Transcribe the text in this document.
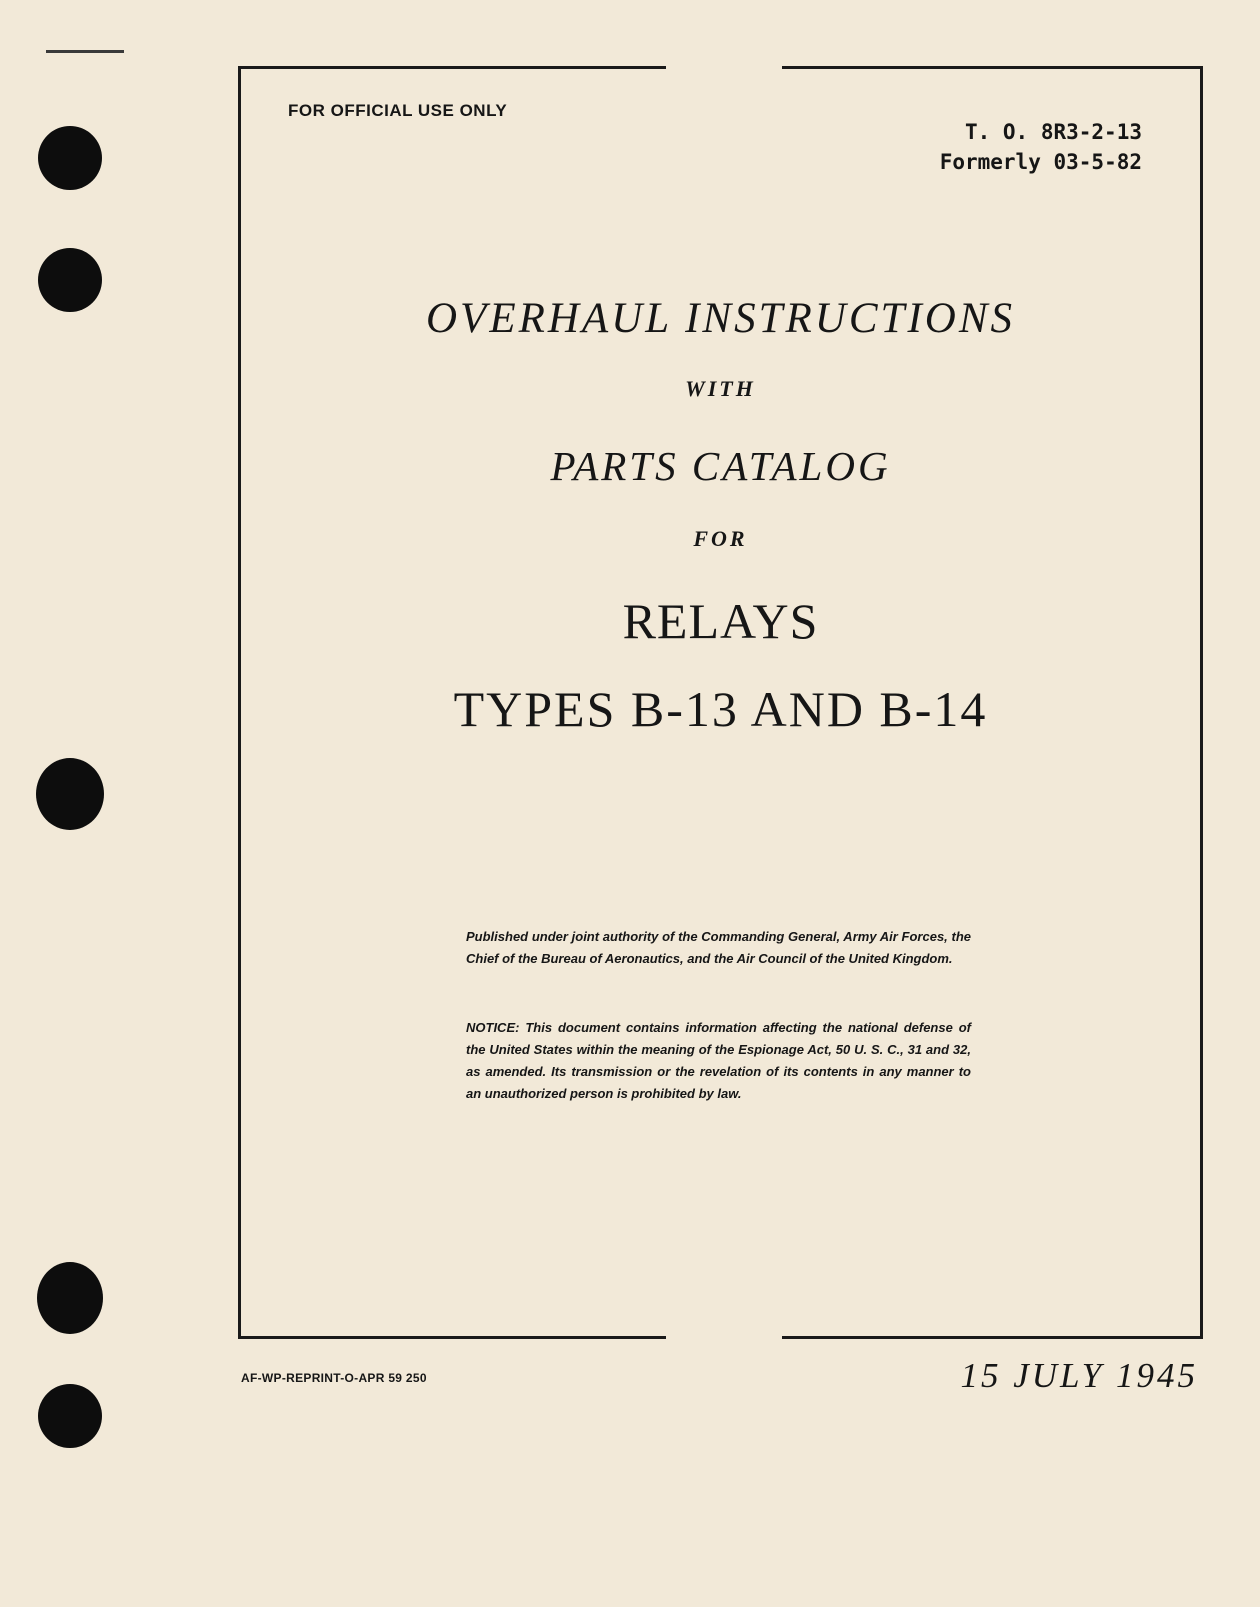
FOR OFFICIAL USE ONLY
T. O. 8R3-2-13
Formerly 03-5-82
OVERHAUL INSTRUCTIONS
WITH
PARTS CATALOG
FOR
RELAYS
TYPES B-13 AND B-14
Published under joint authority of the Commanding General, Army Air Forces, the Chief of the Bureau of Aeronautics, and the Air Council of the United Kingdom.
NOTICE: This document contains information affecting the national defense of the United States within the meaning of the Espionage Act, 50 U. S. C., 31 and 32, as amended. Its transmission or the revelation of its contents in any manner to an unauthorized person is prohibited by law.
AF-WP-REPRINT-O-APR 59 250	15 JULY 1945
